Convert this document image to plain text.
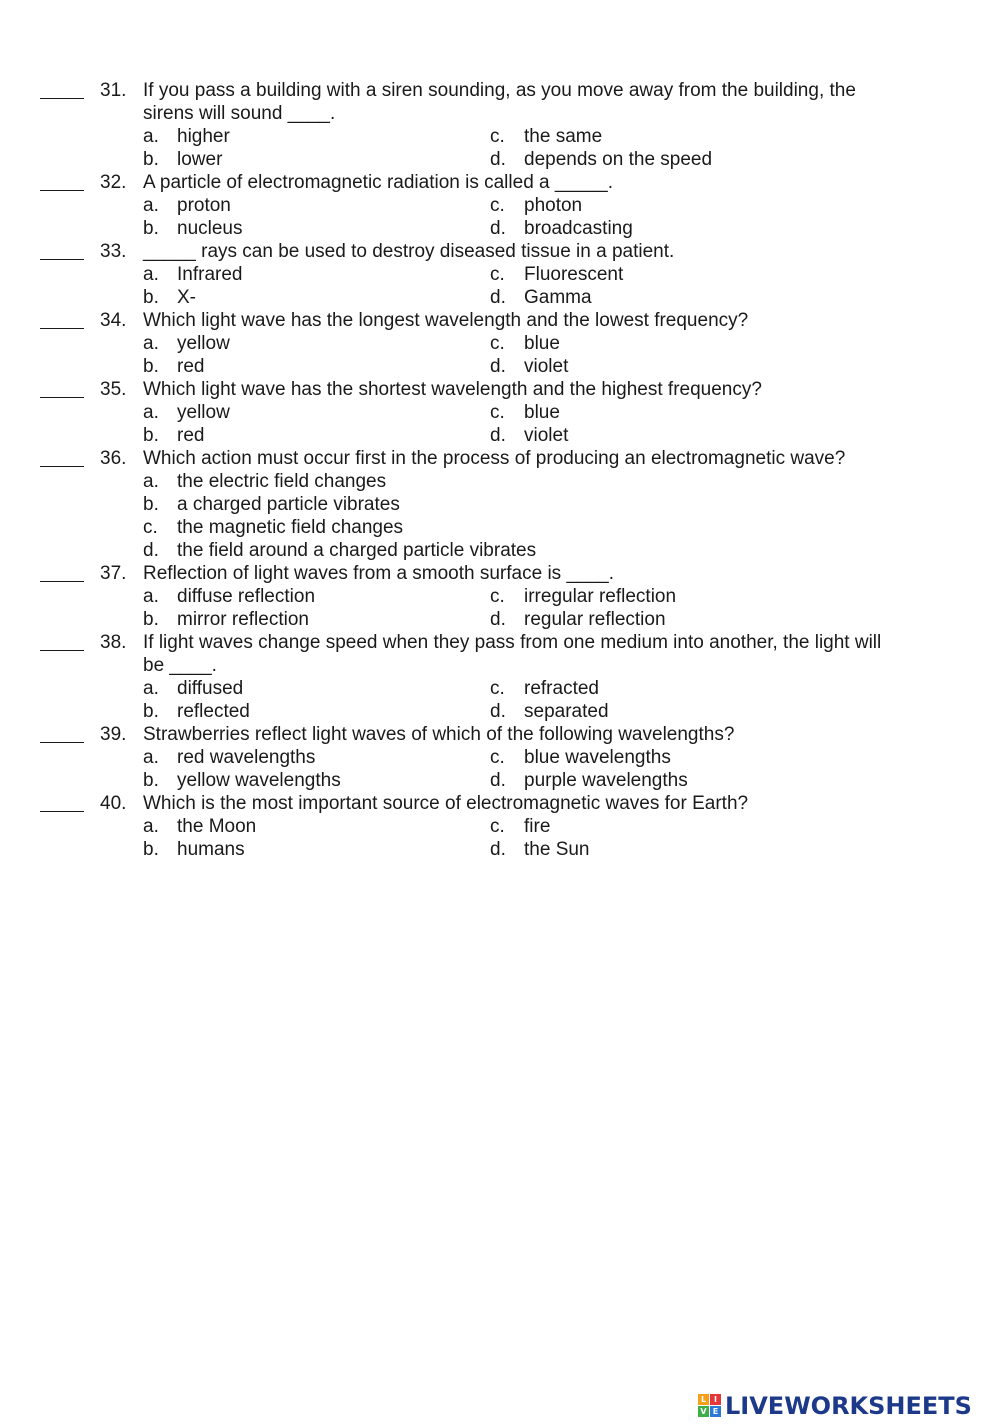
31. If you pass a building with a siren sounding, as you move away from the building, the
sirens will sound ____.
a. higher	c. the same
b. lower	d. depends on the speed
32. A particle of electromagnetic radiation is called a _____.
a. proton	c. photon
b. nucleus	d. broadcasting
33. _____ rays can be used to destroy diseased tissue in a patient.
a. Infrared	c. Fluorescent
b. X-	d. Gamma
34. Which light wave has the longest wavelength and the lowest frequency?
a. yellow	c. blue
b. red	d. violet
35. Which light wave has the shortest wavelength and the highest frequency?
a. yellow	c. blue
b. red	d. violet
36. Which action must occur first in the process of producing an electromagnetic wave?
a. the electric field changes
b. a charged particle vibrates
c. the magnetic field changes
d. the field around a charged particle vibrates
37. Reflection of light waves from a smooth surface is ____.
a. diffuse reflection	c. irregular reflection
b. mirror reflection	d. regular reflection
38. If light waves change speed when they pass from one medium into another, the light will
be ____.
a. diffused	c. refracted
b. reflected	d. separated
39. Strawberries reflect light waves of which of the following wavelengths?
a. red wavelengths	c. blue wavelengths
b. yellow wavelengths	d. purple wavelengths
40. Which is the most important source of electromagnetic waves for Earth?
a. the Moon	c. fire
b. humans	d. the Sun
L I
V E LIVEWORKSHEETS
